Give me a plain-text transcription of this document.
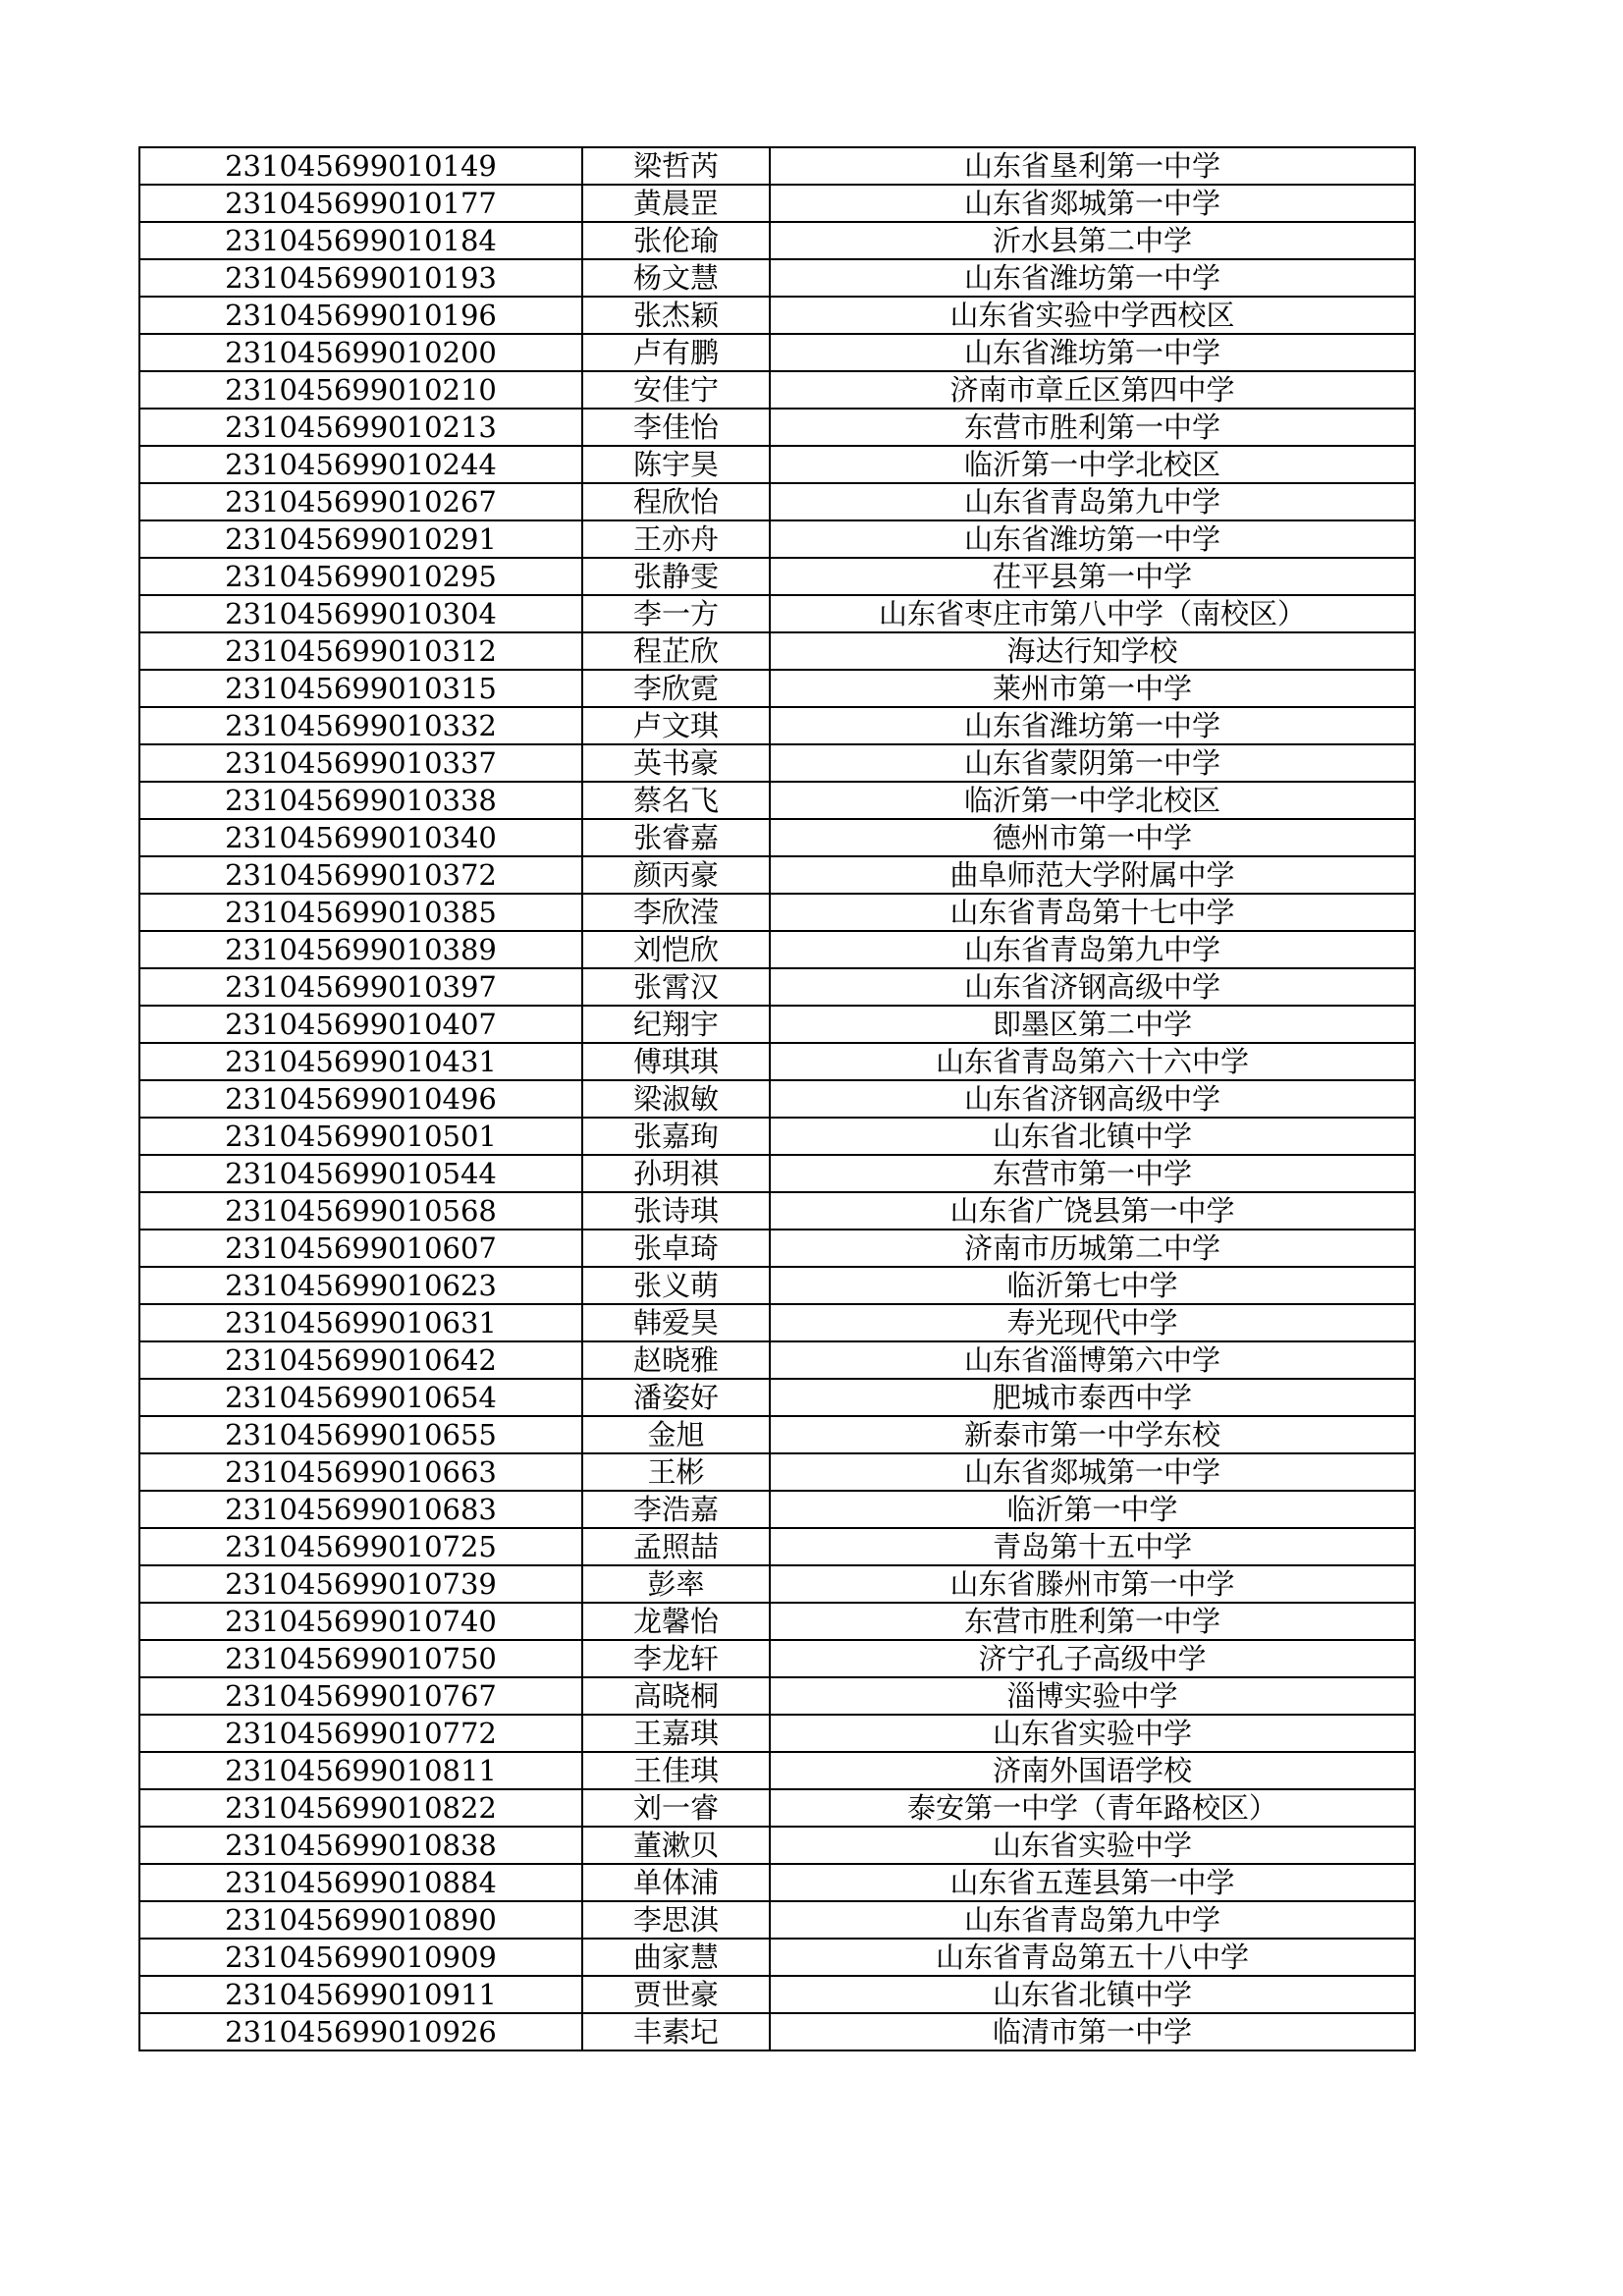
231045699010149	梁哲芮	山东省垦利第一中学
231045699010177	黄晨罡	山东省郯城第一中学
231045699010184	张伦瑜	沂水县第二中学
231045699010193	杨文慧	山东省潍坊第一中学
231045699010196	张杰颖	山东省实验中学西校区
231045699010200	卢有鹏	山东省潍坊第一中学
231045699010210	安佳宁	济南市章丘区第四中学
231045699010213	李佳怡	东营市胜利第一中学
231045699010244	陈宇昊	临沂第一中学北校区
231045699010267	程欣怡	山东省青岛第九中学
231045699010291	王亦舟	山东省潍坊第一中学
231045699010295	张静雯	茌平县第一中学
231045699010304	李一方	山东省枣庄市第八中学（南校区）
231045699010312	程芷欣	海达行知学校
231045699010315	李欣霓	莱州市第一中学
231045699010332	卢文琪	山东省潍坊第一中学
231045699010337	英书豪	山东省蒙阴第一中学
231045699010338	蔡名飞	临沂第一中学北校区
231045699010340	张睿嘉	德州市第一中学
231045699010372	颜丙豪	曲阜师范大学附属中学
231045699010385	李欣滢	山东省青岛第十七中学
231045699010389	刘恺欣	山东省青岛第九中学
231045699010397	张霄汉	山东省济钢高级中学
231045699010407	纪翔宇	即墨区第二中学
231045699010431	傅琪琪	山东省青岛第六十六中学
231045699010496	梁淑敏	山东省济钢高级中学
231045699010501	张嘉珣	山东省北镇中学
231045699010544	孙玥祺	东营市第一中学
231045699010568	张诗琪	山东省广饶县第一中学
231045699010607	张卓琦	济南市历城第二中学
231045699010623	张义萌	临沂第七中学
231045699010631	韩爱昊	寿光现代中学
231045699010642	赵晓雅	山东省淄博第六中学
231045699010654	潘姿好	肥城市泰西中学
231045699010655	金旭	新泰市第一中学东校
231045699010663	王彬	山东省郯城第一中学
231045699010683	李浩嘉	临沂第一中学
231045699010725	孟照喆	青岛第十五中学
231045699010739	彭率	山东省滕州市第一中学
231045699010740	龙馨怡	东营市胜利第一中学
231045699010750	李龙轩	济宁孔子高级中学
231045699010767	高晓桐	淄博实验中学
231045699010772	王嘉琪	山东省实验中学
231045699010811	王佳琪	济南外国语学校
231045699010822	刘一睿	泰安第一中学（青年路校区）
231045699010838	董漱贝	山东省实验中学
231045699010884	单体浦	山东省五莲县第一中学
231045699010890	李思淇	山东省青岛第九中学
231045699010909	曲家慧	山东省青岛第五十八中学
231045699010911	贾世豪	山东省北镇中学
231045699010926	丰素圮	临清市第一中学
